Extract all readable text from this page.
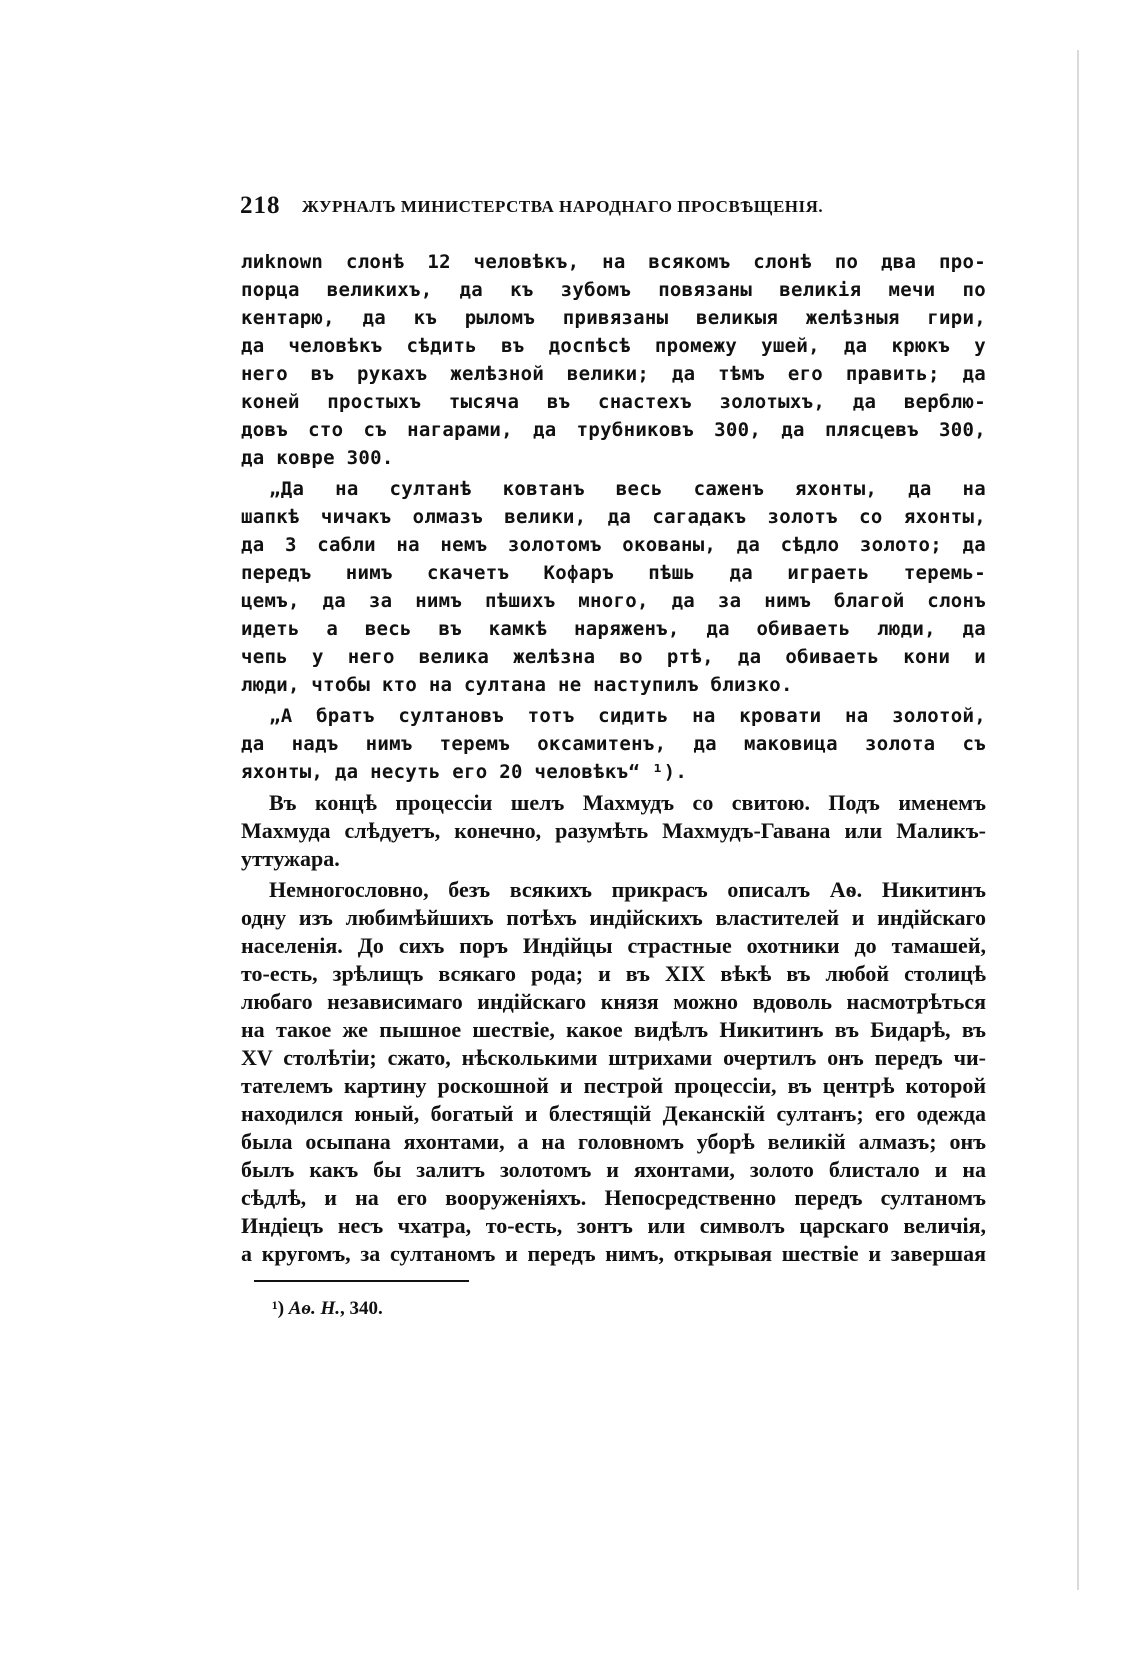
218 ЖУРНАЛЪ МИНИСТЕРСТВА НАРОДНАГО ПРОСВѢЩЕНІЯ.
лиknown слонѣ 12 человѣкъ, на всякомъ слонѣ по два про-
порца великихъ, да къ зубомъ повязаны великія мечи по
кентарю, да къ рыломъ привязаны великыя желѣзныя гири,
да человѣкъ сѣдить въ доспѣсѣ промежу ушей, да крюкъ у
него въ рукахъ желѣзной велики; да тѣмъ его править; да
коней простыхъ тысяча въ снастехъ золотыхъ, да верблю-
довъ сто съ нагарами, да трубниковъ 300, да плясцевъ 300,
да ковре 300.
„Да на султанѣ ковтанъ весь саженъ яхонты, да на
шапкѣ чичакъ олмазъ велики, да сагадакъ золотъ со яхонты,
да 3 сабли на немъ золотомъ окованы, да сѣдло золото; да
передъ нимъ скачетъ Кофаръ пѣшь да играеть теремь-
цемъ, да за нимъ пѣшихъ много, да за нимъ благой слонъ
идеть а весь въ камкѣ наряженъ, да обиваеть люди, да
чепь у него велика желѣзна во ртѣ, да обиваеть кони и
люди, чтобы кто на султана не наступилъ близко.
„А братъ султановъ тотъ сидить на кровати на золотой,
да надъ нимъ теремъ оксамитенъ, да маковица золота съ
яхонты, да несуть его 20 человѣкъ“ ¹).
Въ концѣ процессіи шелъ Махмудъ со свитою. Подъ именемъ
Махмуда слѣдуетъ, конечно, разумѣть Махмудъ-Гавана или Маликъ-
уттужара.
Немногословно, безъ всякихъ прикрасъ описалъ Аѳ. Никитинъ
одну изъ любимѣйшихъ потѣхъ индійскихъ властителей и индійскаго
населенія. До сихъ поръ Индійцы страстные охотники до тамашей,
то-есть, зрѣлищъ всякаго рода; и въ XIX вѣкѣ въ любой столицѣ
любаго независимаго индійскаго князя можно вдоволь насмотрѣться
на такое же пышное шествіе, какое видѣлъ Никитинъ въ Бидарѣ, въ
XV столѣтіи; сжато, нѣсколькими штрихами очертилъ онъ передъ чи-
тателемъ картину роскошной и пестрой процессіи, въ центрѣ которой
находился юный, богатый и блестящій Деканскій султанъ; его одежда
была осыпана яхонтами, а на головномъ уборѣ великій алмазъ; онъ
былъ какъ бы залитъ золотомъ и яхонтами, золото блистало и на
сѣдлѣ, и на его вооруженіяхъ. Непосредственно передъ султаномъ
Индіецъ несъ чхатра, то-есть, зонтъ или символъ царскаго величія,
а кругомъ, за султаномъ и передъ нимъ, открывая шествіе и завершая
¹) Аѳ. Н., 340.
